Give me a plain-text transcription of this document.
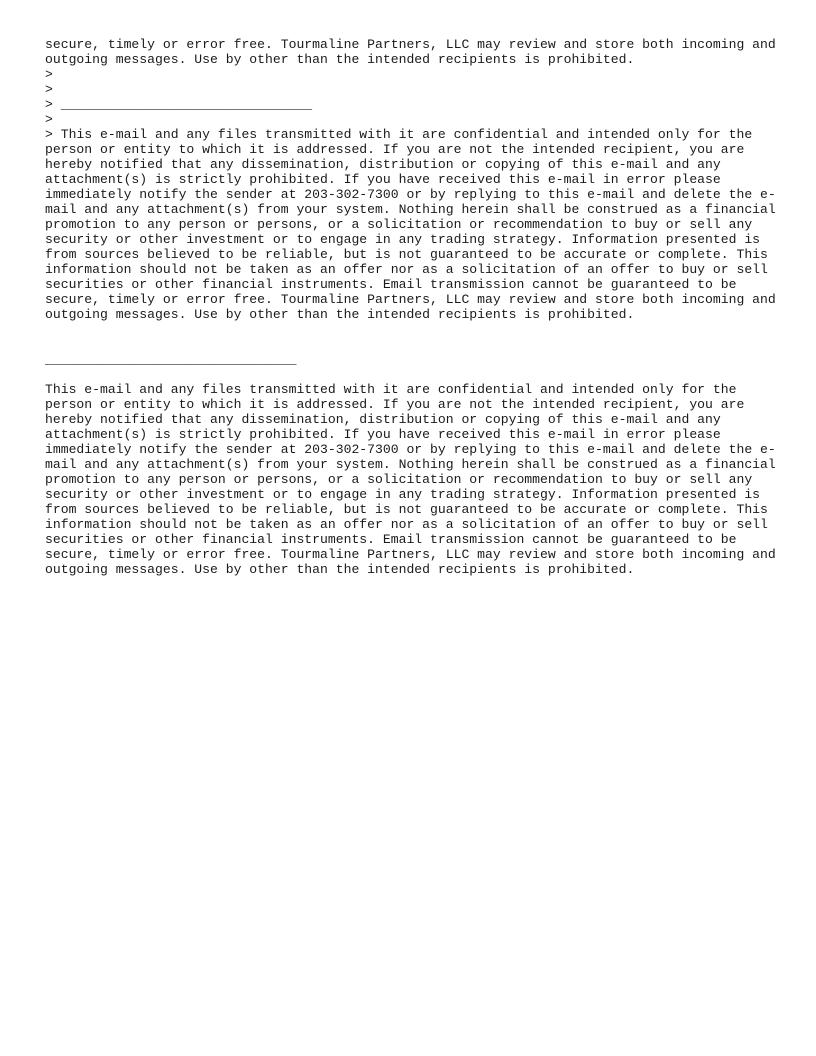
secure, timely or error free. Tourmaline Partners, LLC may review and store both incoming and
outgoing messages. Use by other than the intended recipients is prohibited.
>
>
> ________________________________
>
> This e-mail and any files transmitted with it are confidential and intended only for the
person or entity to which it is addressed. If you are not the intended recipient, you are
hereby notified that any dissemination, distribution or copying of this e-mail and any
attachment(s) is strictly prohibited. If you have received this e-mail in error please
immediately notify the sender at 203-302-7300 or by replying to this e-mail and delete the e-
mail and any attachment(s) from your system. Nothing herein shall be construed as a financial
promotion to any person or persons, or a solicitation or recommendation to buy or sell any
security or other investment or to engage in any trading strategy. Information presented is
from sources believed to be reliable, but is not guaranteed to be accurate or complete. This
information should not be taken as an offer nor as a solicitation of an offer to buy or sell
securities or other financial instruments. Email transmission cannot be guaranteed to be
secure, timely or error free. Tourmaline Partners, LLC may review and store both incoming and
outgoing messages. Use by other than the intended recipients is prohibited.
________________________________
This e-mail and any files transmitted with it are confidential and intended only for the
person or entity to which it is addressed. If you are not the intended recipient, you are
hereby notified that any dissemination, distribution or copying of this e-mail and any
attachment(s) is strictly prohibited. If you have received this e-mail in error please
immediately notify the sender at 203-302-7300 or by replying to this e-mail and delete the e-
mail and any attachment(s) from your system. Nothing herein shall be construed as a financial
promotion to any person or persons, or a solicitation or recommendation to buy or sell any
security or other investment or to engage in any trading strategy. Information presented is
from sources believed to be reliable, but is not guaranteed to be accurate or complete. This
information should not be taken as an offer nor as a solicitation of an offer to buy or sell
securities or other financial instruments. Email transmission cannot be guaranteed to be
secure, timely or error free. Tourmaline Partners, LLC may review and store both incoming and
outgoing messages. Use by other than the intended recipients is prohibited.
